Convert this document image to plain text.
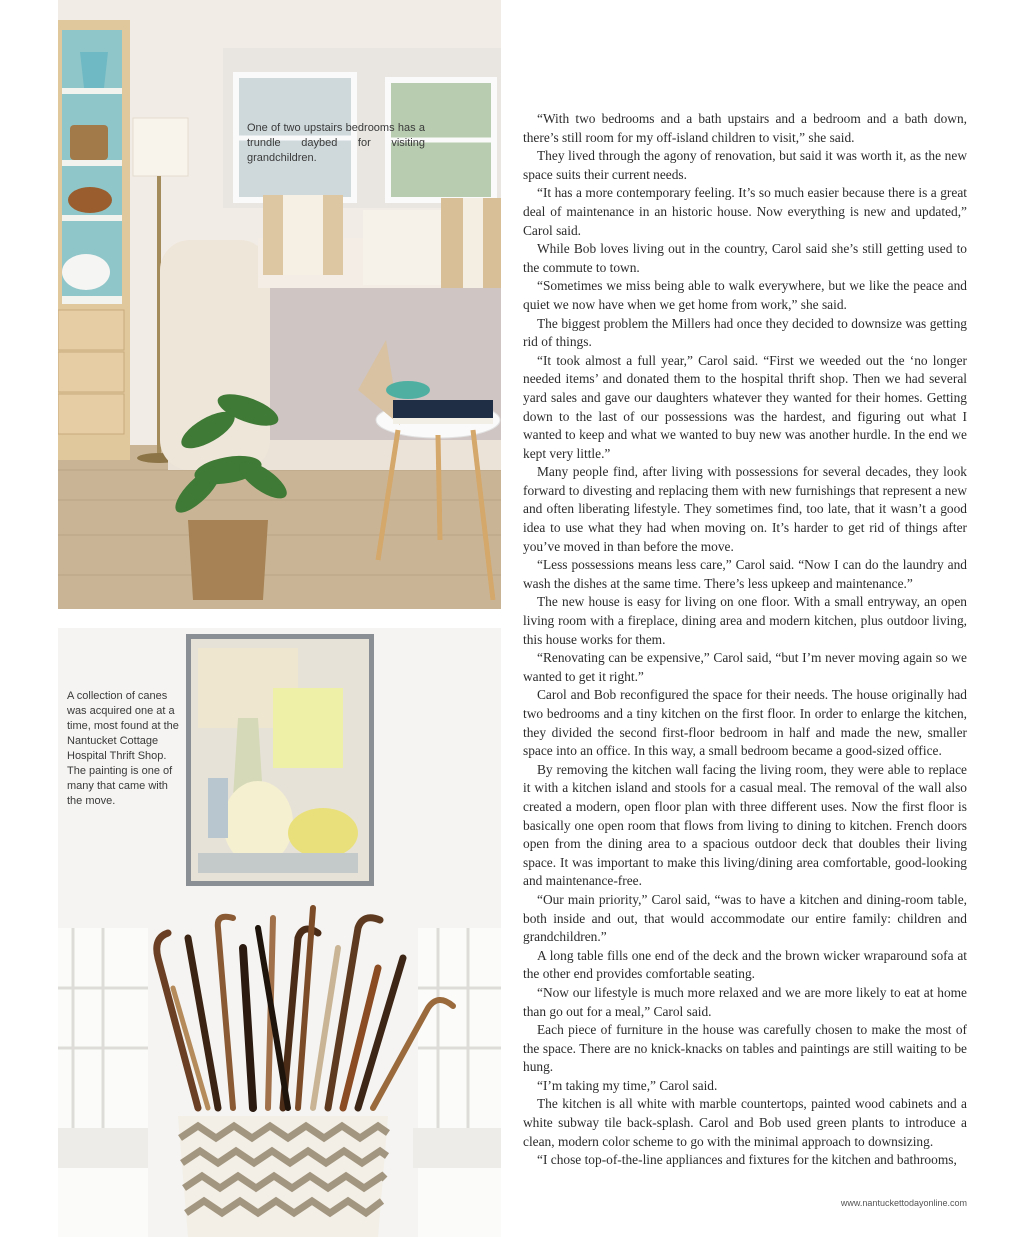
One of two upstairs bedrooms has a trundle daybed for visiting grandchildren.
A collection of canes was acquired one at a time, most found at the Nantucket Cottage Hospital Thrift Shop. The painting is one of many that came with the move.

“With two bedrooms and a bath upstairs and a bedroom and a bath down, there’s still room for my off-island children to visit,” she said.

They lived through the agony of renovation, but said it was worth it, as the new space suits their current needs.

“It has a more contemporary feeling. It’s so much easier because there is a great deal of maintenance in an historic house. Now everything is new and updated,” Carol said.

While Bob loves living out in the country, Carol said she’s still getting used to the commute to town.

“Sometimes we miss being able to walk everywhere, but we like the peace and quiet we now have when we get home from work,” she said.

The biggest problem the Millers had once they decided to downsize was getting rid of things.

“It took almost a full year,” Carol said. “First we weeded out the ‘no longer needed items’ and donated them to the hospital thrift shop. Then we had several yard sales and gave our daughters whatever they wanted for their homes. Getting down to the last of our possessions was the hardest, and figuring out what I wanted to keep and what we wanted to buy new was another hurdle. In the end we kept very little.”

Many people find, after living with possessions for several decades, they look forward to divesting and replacing them with new furnishings that represent a new and often liberating lifestyle. They sometimes find, too late, that it wasn’t a good idea to use what they had when moving on. It’s harder to get rid of things after you’ve moved in than before the move.

“Less possessions means less care,” Carol said. “Now I can do the laundry and wash the dishes at the same time. There’s less upkeep and maintenance.”

The new house is easy for living on one floor. With a small entryway, an open living room with a fireplace, dining area and modern kitchen, plus outdoor living, this house works for them.

“Renovating can be expensive,” Carol said, “but I’m never moving again so we wanted to get it right.”

Carol and Bob reconfigured the space for their needs. The house originally had two bedrooms and a tiny kitchen on the first floor. In order to enlarge the kitchen, they divided the second first-floor bedroom in half and made the new, smaller space into an office. In this way, a small bedroom became a good-sized office.

By removing the kitchen wall facing the living room, they were able to replace it with a kitchen island and stools for a casual meal. The removal of the wall also created a modern, open floor plan with three different uses. Now the first floor is basically one open room that flows from living to dining to kitchen. French doors open from the dining area to a spacious outdoor deck that doubles their living space. It was important to make this living/dining area comfortable, good-looking and maintenance-free.

“Our main priority,” Carol said, “was to have a kitchen and dining-room table, both inside and out, that would accommodate our entire family: children and grandchildren.”

A long table fills one end of the deck and the brown wicker wraparound sofa at the other end provides comfortable seating.

“Now our lifestyle is much more relaxed and we are more likely to eat at home than go out for a meal,” Carol said.

Each piece of furniture in the house was carefully chosen to make the most of the space. There are no knick-knacks on tables and paintings are still waiting to be hung.

“I’m taking my time,” Carol said.

The kitchen is all white with marble countertops, painted wood cabinets and a white subway tile back-splash. Carol and Bob used green plants to introduce a clean, modern color scheme to go with the minimal approach to downsizing.

“I chose top-of-the-line appliances and fixtures for the kitchen and bathrooms,

www.nantuckettodayonline.com
